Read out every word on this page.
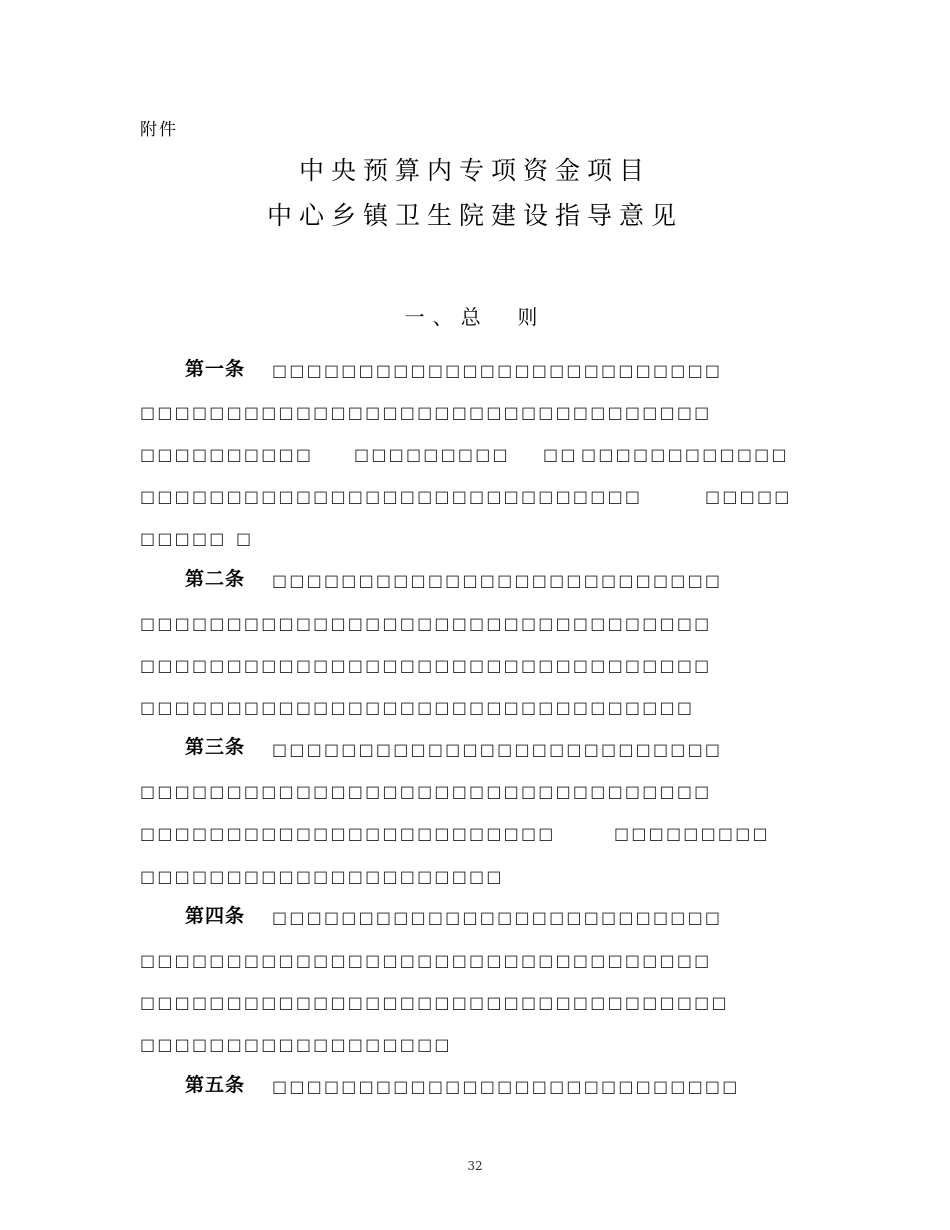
附件
中央预算内专项资金项目
中心乡镇卫生院建设指导意见
一、总  则
第一条 □□□□□□□□□□□□□□□□□□□□□□□□□□
□□□□□□□□□□□□□□□□□□□□□□□□□□□□□□□□□
□□□□□□□□□□	□□□□□□□□□ □□ □□□□□□□□□□□□
□□□□□□□□□□□□□□□□□□□□□□□□□□□□□	□□□□□
□□□□□ □
第二条 □□□□□□□□□□□□□□□□□□□□□□□□□□
□□□□□□□□□□□□□□□□□□□□□□□□□□□□□□□□□
□□□□□□□□□□□□□□□□□□□□□□□□□□□□□□□□□
□□□□□□□□□□□□□□□□□□□□□□□□□□□□□□□□
第三条 □□□□□□□□□□□□□□□□□□□□□□□□□□
□□□□□□□□□□□□□□□□□□□□□□□□□□□□□□□□□
□□□□□□□□□□□□□□□□□□□□□□□□	□□□□□□□□□
□□□□□□□□□□□□□□□□□□□□□
第四条 □□□□□□□□□□□□□□□□□□□□□□□□□□
□□□□□□□□□□□□□□□□□□□□□□□□□□□□□□□□□
□□□□□□□□□□□□□□□□□□□□□□□□□□□□□□□□□□
□□□□□□□□□□□□□□□□□□
第五条 □□□□□□□□□□□□□□□□□□□□□□□□□□□
32
